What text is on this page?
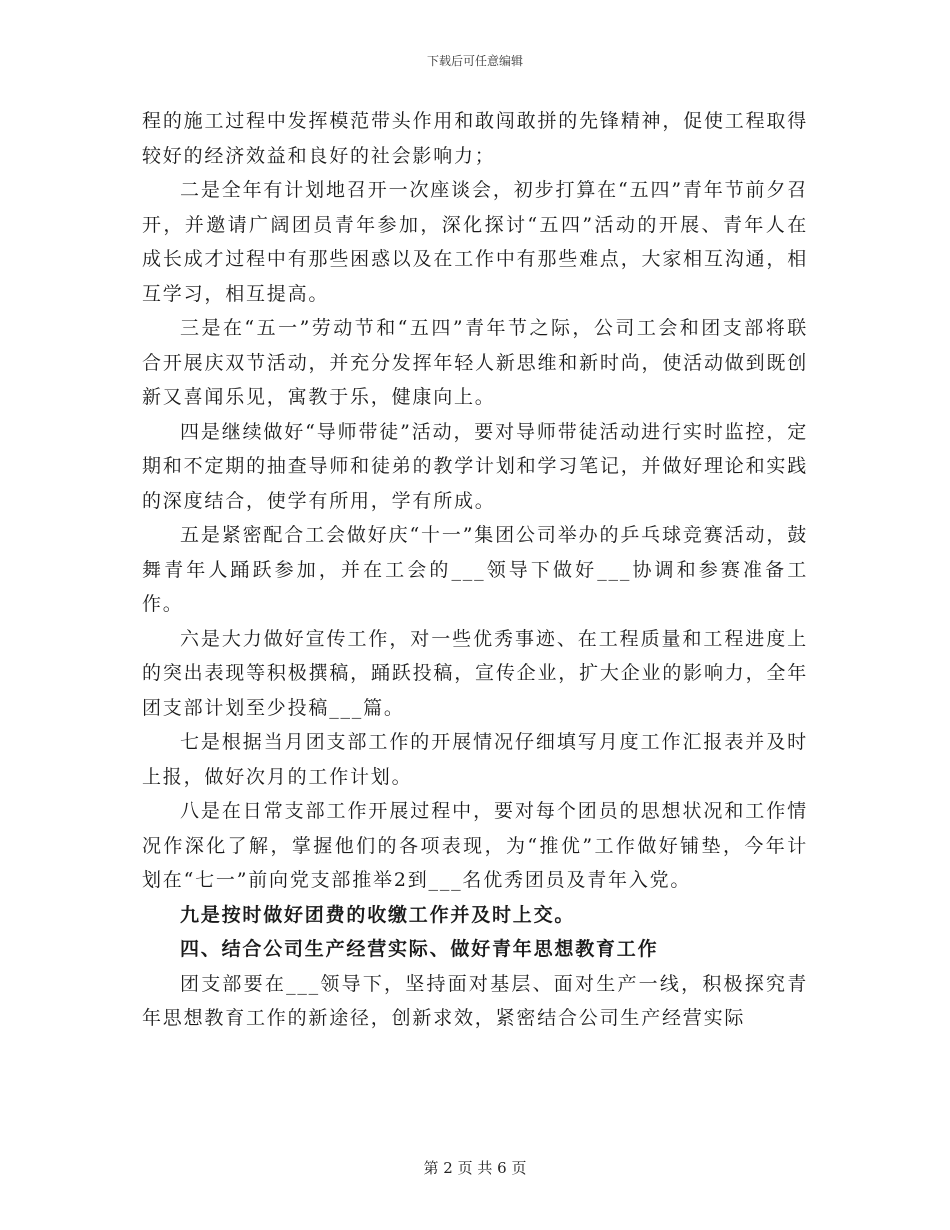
下载后可任意编辑

程的施工过程中发挥模范带头作用和敢闯敢拼的先锋精神，促使工程取得较好的经济效益和良好的社会影响力；

二是全年有计划地召开一次座谈会，初步打算在“五四”青年节前夕召开，并邀请广阔团员青年参加，深化探讨“五四”活动的开展、青年人在成长成才过程中有那些困惑以及在工作中有那些难点，大家相互沟通，相互学习，相互提高。

三是在“五一”劳动节和“五四”青年节之际，公司工会和团支部将联合开展庆双节活动，并充分发挥年轻人新思维和新时尚，使活动做到既创新又喜闻乐见，寓教于乐，健康向上。

四是继续做好“导师带徒”活动，要对导师带徒活动进行实时监控，定期和不定期的抽查导师和徒弟的教学计划和学习笔记，并做好理论和实践的深度结合，使学有所用，学有所成。

五是紧密配合工会做好庆“十一”集团公司举办的乒乓球竞赛活动，鼓舞青年人踊跃参加，并在工会的___领导下做好___协调和参赛准备工作。

六是大力做好宣传工作，对一些优秀事迹、在工程质量和工程进度上的突出表现等积极撰稿，踊跃投稿，宣传企业，扩大企业的影响力，全年团支部计划至少投稿___篇。

七是根据当月团支部工作的开展情况仔细填写月度工作汇报表并及时上报，做好次月的工作计划。

八是在日常支部工作开展过程中，要对每个团员的思想状况和工作情况作深化了解，掌握他们的各项表现，为“推优”工作做好铺垫，今年计划在“七一”前向党支部推举2到___名优秀团员及青年入党。

九是按时做好团费的收缴工作并及时上交。

四、结合公司生产经营实际、做好青年思想教育工作

团支部要在___领导下，坚持面对基层、面对生产一线，积极探究青年思想教育工作的新途径，创新求效，紧密结合公司生产经营实际

第 2 页 共 6 页
